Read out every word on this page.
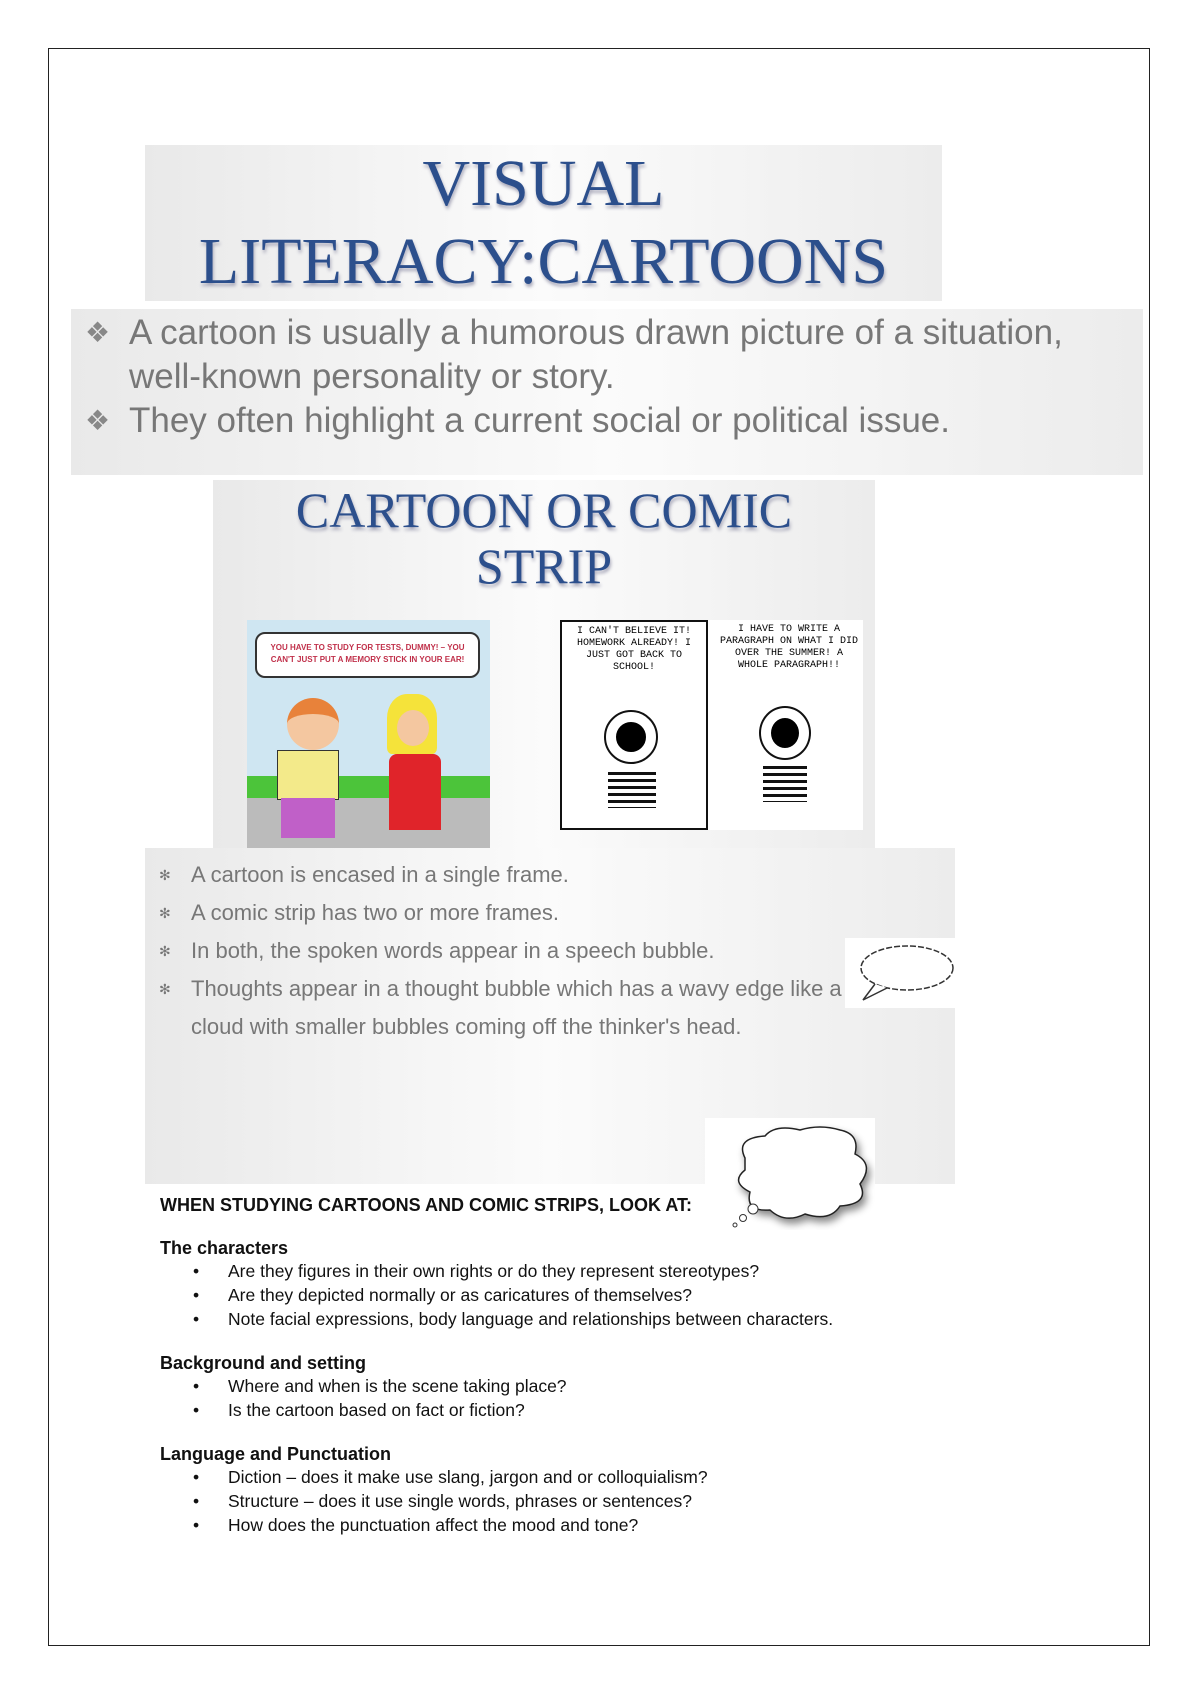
VISUAL
LITERACY:CARTOONS
❖ A cartoon is usually a humorous drawn picture of a situation, well-known personality or story.
❖ They often highlight a current social or political issue.
CARTOON OR COMIC
STRIP
YOU HAVE TO STUDY FOR TESTS, DUMMY! – YOU CAN'T JUST PUT A MEMORY STICK IN YOUR EAR!
I CAN'T BELIEVE IT! HOMEWORK ALREADY! I JUST GOT BACK TO SCHOOL!
I HAVE TO WRITE A PARAGRAPH ON WHAT I DID OVER THE SUMMER! A WHOLE PARAGRAPH!!
✻ A cartoon is encased in a single frame.
✻ A comic strip has two or more frames.
✻ In both, the spoken words appear in a speech bubble.
✻ Thoughts appear in a thought bubble which has a wavy edge like a cloud with smaller bubbles coming off the thinker's head.
WHEN STUDYING CARTOONS AND COMIC STRIPS, LOOK AT:
The characters
• Are they figures in their own rights or do they represent stereotypes?
• Are they depicted normally or as caricatures of themselves?
• Note facial expressions, body language and relationships between characters.
Background and setting
• Where and when is the scene taking place?
• Is the cartoon based on fact or fiction?
Language and Punctuation
• Diction – does it make use slang, jargon and or colloquialism?
• Structure – does it use single words, phrases or sentences?
• How does the punctuation affect the mood and tone?
